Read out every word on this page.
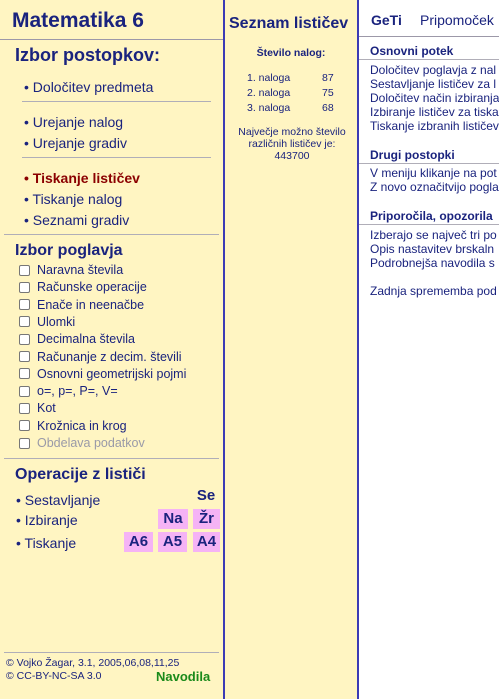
Matematika 6
Izbor postopkov:
• Določitev predmeta
• Urejanje nalog
• Urejanje gradiv
• Tiskanje lističev
• Tiskanje nalog
• Seznami gradiv
Izbor poglavja
Operacije z lističi
Se
• Sestavljanje
• Izbiranje	Na	Žr
• Tiskanje	A6 A5 A4
© Vojko Žagar, 3.1, 2005,06,08,11,25
© CC-BY-NC-SA 3.0	Navodila
Naravna števila
Računske operacije
Enače in neenačbe
Ulomki
Decimalna števila
Računanje z decim. števili
Osnovni geometrijski pojmi
o=, p=, P=, V=
Kot
Krožnica in krog
Obdelava podatkov
Seznam lističev
Število nalog:
1. naloga	87
2. naloga	75
3. naloga	68
Največje možno število
različnih lističev je:
443700
GeTi Pripomoček
Osnovni potek
Določitev poglavja z nal
Sestavljanje lističev za l
Določitev način izbiranja
Izbiranje lističev za tiska
Tiskanje izbranih lističev
Drugi postopki
V meniju klikanje na pot
Z novo označitvijo pogla
Priporočila, opozorila
Izberajo se največ tri po
Opis nastavitev brskaln
Podrobnejša navodila s
Zadnja sprememba pod
